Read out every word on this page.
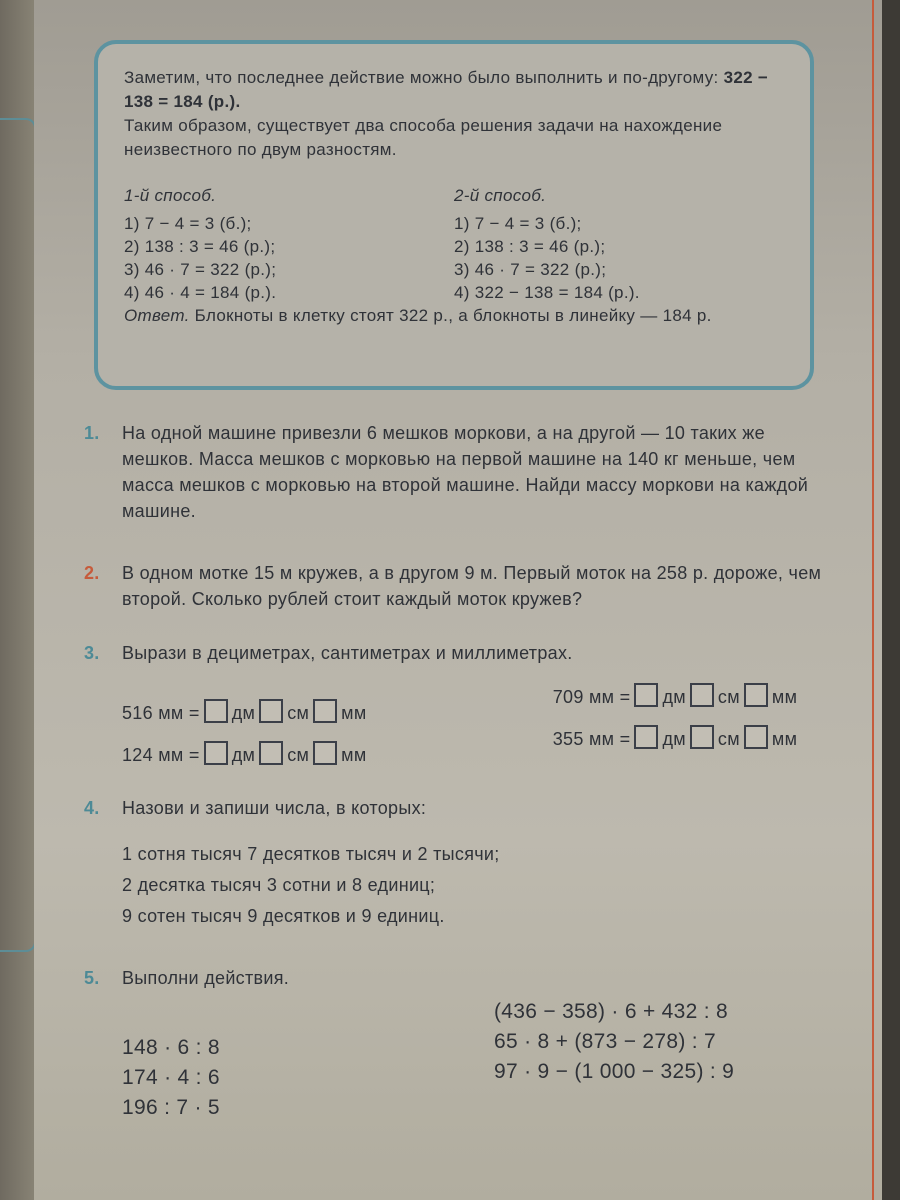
Заметим, что последнее действие можно было выполнить и по-другому: 322 − 138 = 184 (р.).

Таким образом, существует два способа решения задачи на нахождение неизвестного по двум разностям.

1-й способ.
1) 7 − 4 = 3 (б.);
2) 138 : 3 = 46 (р.);
3) 46 · 7 = 322 (р.);
4) 46 · 4 = 184 (р.).
2-й способ.
1) 7 − 4 = 3 (б.);
2) 138 : 3 = 46 (р.);
3) 46 · 7 = 322 (р.);
4) 322 − 138 = 184 (р.).

Ответ. Блокноты в клетку стоят 322 р., а блокноты в линейку — 184 р.

1.	На одной машине привезли 6 мешков моркови, а на другой — 10 таких же мешков. Масса мешков с морковью на первой машине на 140 кг меньше, чем масса мешков с морковью на второй машине. Найди массу моркови на каждой машине.
2.	В одном мотке 15 м кружев, а в другом 9 м. Первый моток на 258 р. дороже, чем второй. Сколько рублей стоит каждый моток кружев?
3. Вырази в дециметрах, сантиметрах и миллиметрах.
516 мм = дм см мм
124 мм = дм см мм
709 мм = дм см мм
355 мм = дм см мм
4. Назови и запиши числа, в которых:
1 сотня тысяч 7 десятков тысяч и 2 тысячи;
2 десятка тысяч 3 сотни и 8 единиц;
9 сотен тысяч 9 десятков и 9 единиц.
5. Выполни действия.
148 · 6 : 8
174 · 4 : 6
196 : 7 · 5
(436 − 358) · 6 + 432 : 8
65 · 8 + (873 − 278) : 7
97 · 9 − (1 000 − 325) : 9
